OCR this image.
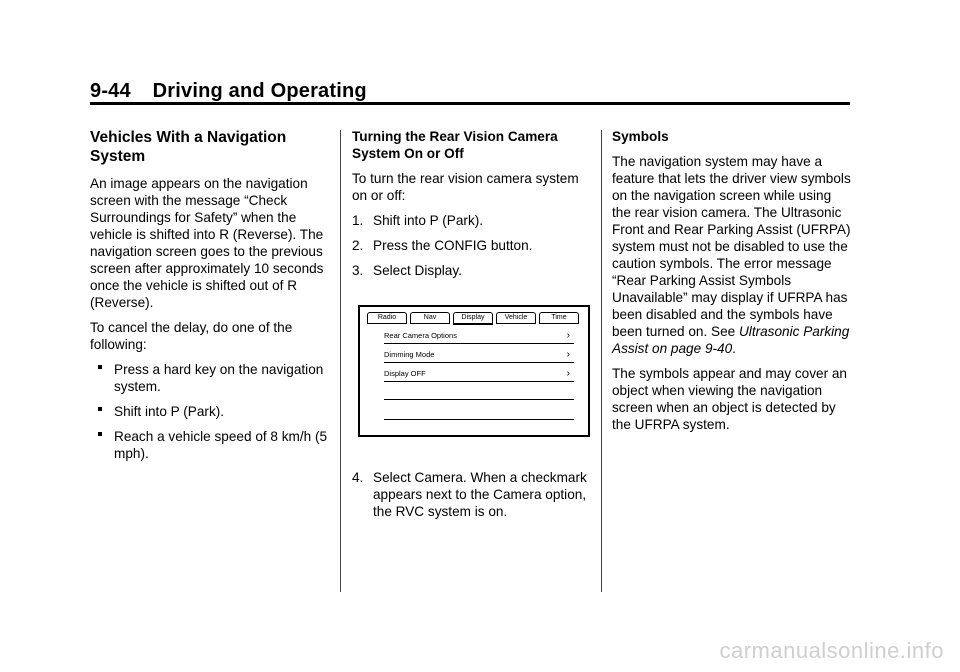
9-44 Driving and Operating
Vehicles With a Navigation System

An image appears on the navigation screen with the message “Check Surroundings for Safety” when the vehicle is shifted into R (Reverse). The navigation screen goes to the previous screen after approximately 10 seconds once the vehicle is shifted out of R (Reverse).

To cancel the delay, do one of the following:

Press a hard key on the navigation system.
Shift into P (Park).
Reach a vehicle speed of 8 km/h (5 mph).
Turning the Rear Vision Camera System On or Off

To turn the rear vision camera system on or off:

1. Shift into P (Park).
2. Press the CONFIG button.
3. Select Display.
Radio	Nav	Display	Vehicle	Time
Rear Camera Options	›
Dimming Mode	›
Display OFF	›
4. Select Camera. When a checkmark appears next to the Camera option, the RVC system is on.
Symbols

The navigation system may have a feature that lets the driver view symbols on the navigation screen while using the rear vision camera. The Ultrasonic Front and Rear Parking Assist (UFRPA) system must not be disabled to use the caution symbols. The error message “Rear Parking Assist Symbols Unavailable” may display if UFRPA has been disabled and the symbols have been turned on. See Ultrasonic Parking Assist on page 9-40.

The symbols appear and may cover an object when viewing the navigation screen when an object is detected by the UFRPA system.

carmanualsonline.info
